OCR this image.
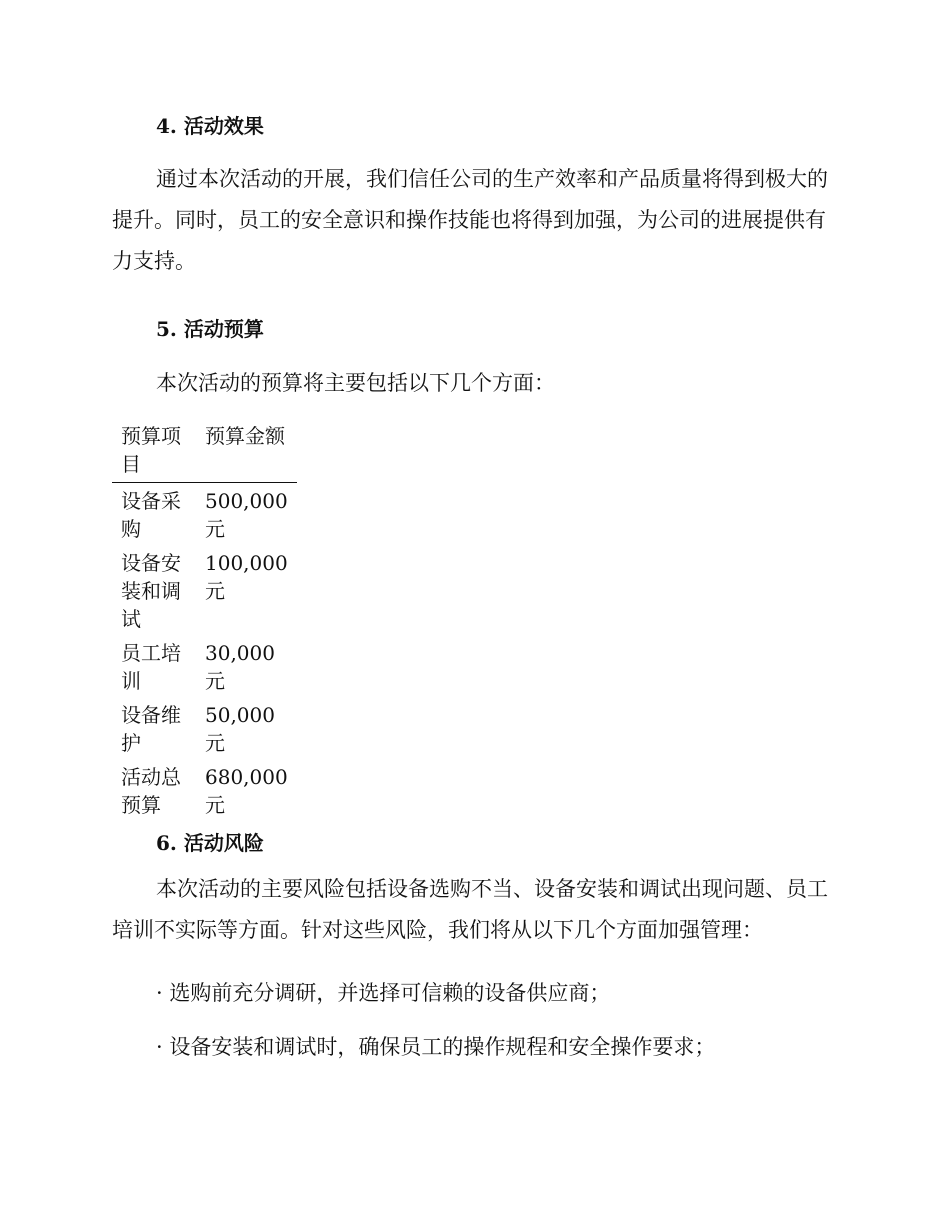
4. 活动效果

通过本次活动的开展，我们信任公司的生产效率和产品质量将得到极大的提升。同时，员工的安全意识和操作技能也将得到加强，为公司的进展提供有力支持。

5. 活动预算

本次活动的预算将主要包括以下几个方面：

预算项目	预算金额
设备采购	500,000 元
设备安装和调试	100,000 元
员工培训	30,000 元
设备维护	50,000 元
活动总预算	680,000 元
6. 活动风险

本次活动的主要风险包括设备选购不当、设备安装和调试出现问题、员工培训不实际等方面。针对这些风险，我们将从以下几个方面加强管理：

· 选购前充分调研，并选择可信赖的设备供应商；

· 设备安装和调试时，确保员工的操作规程和安全操作要求；
